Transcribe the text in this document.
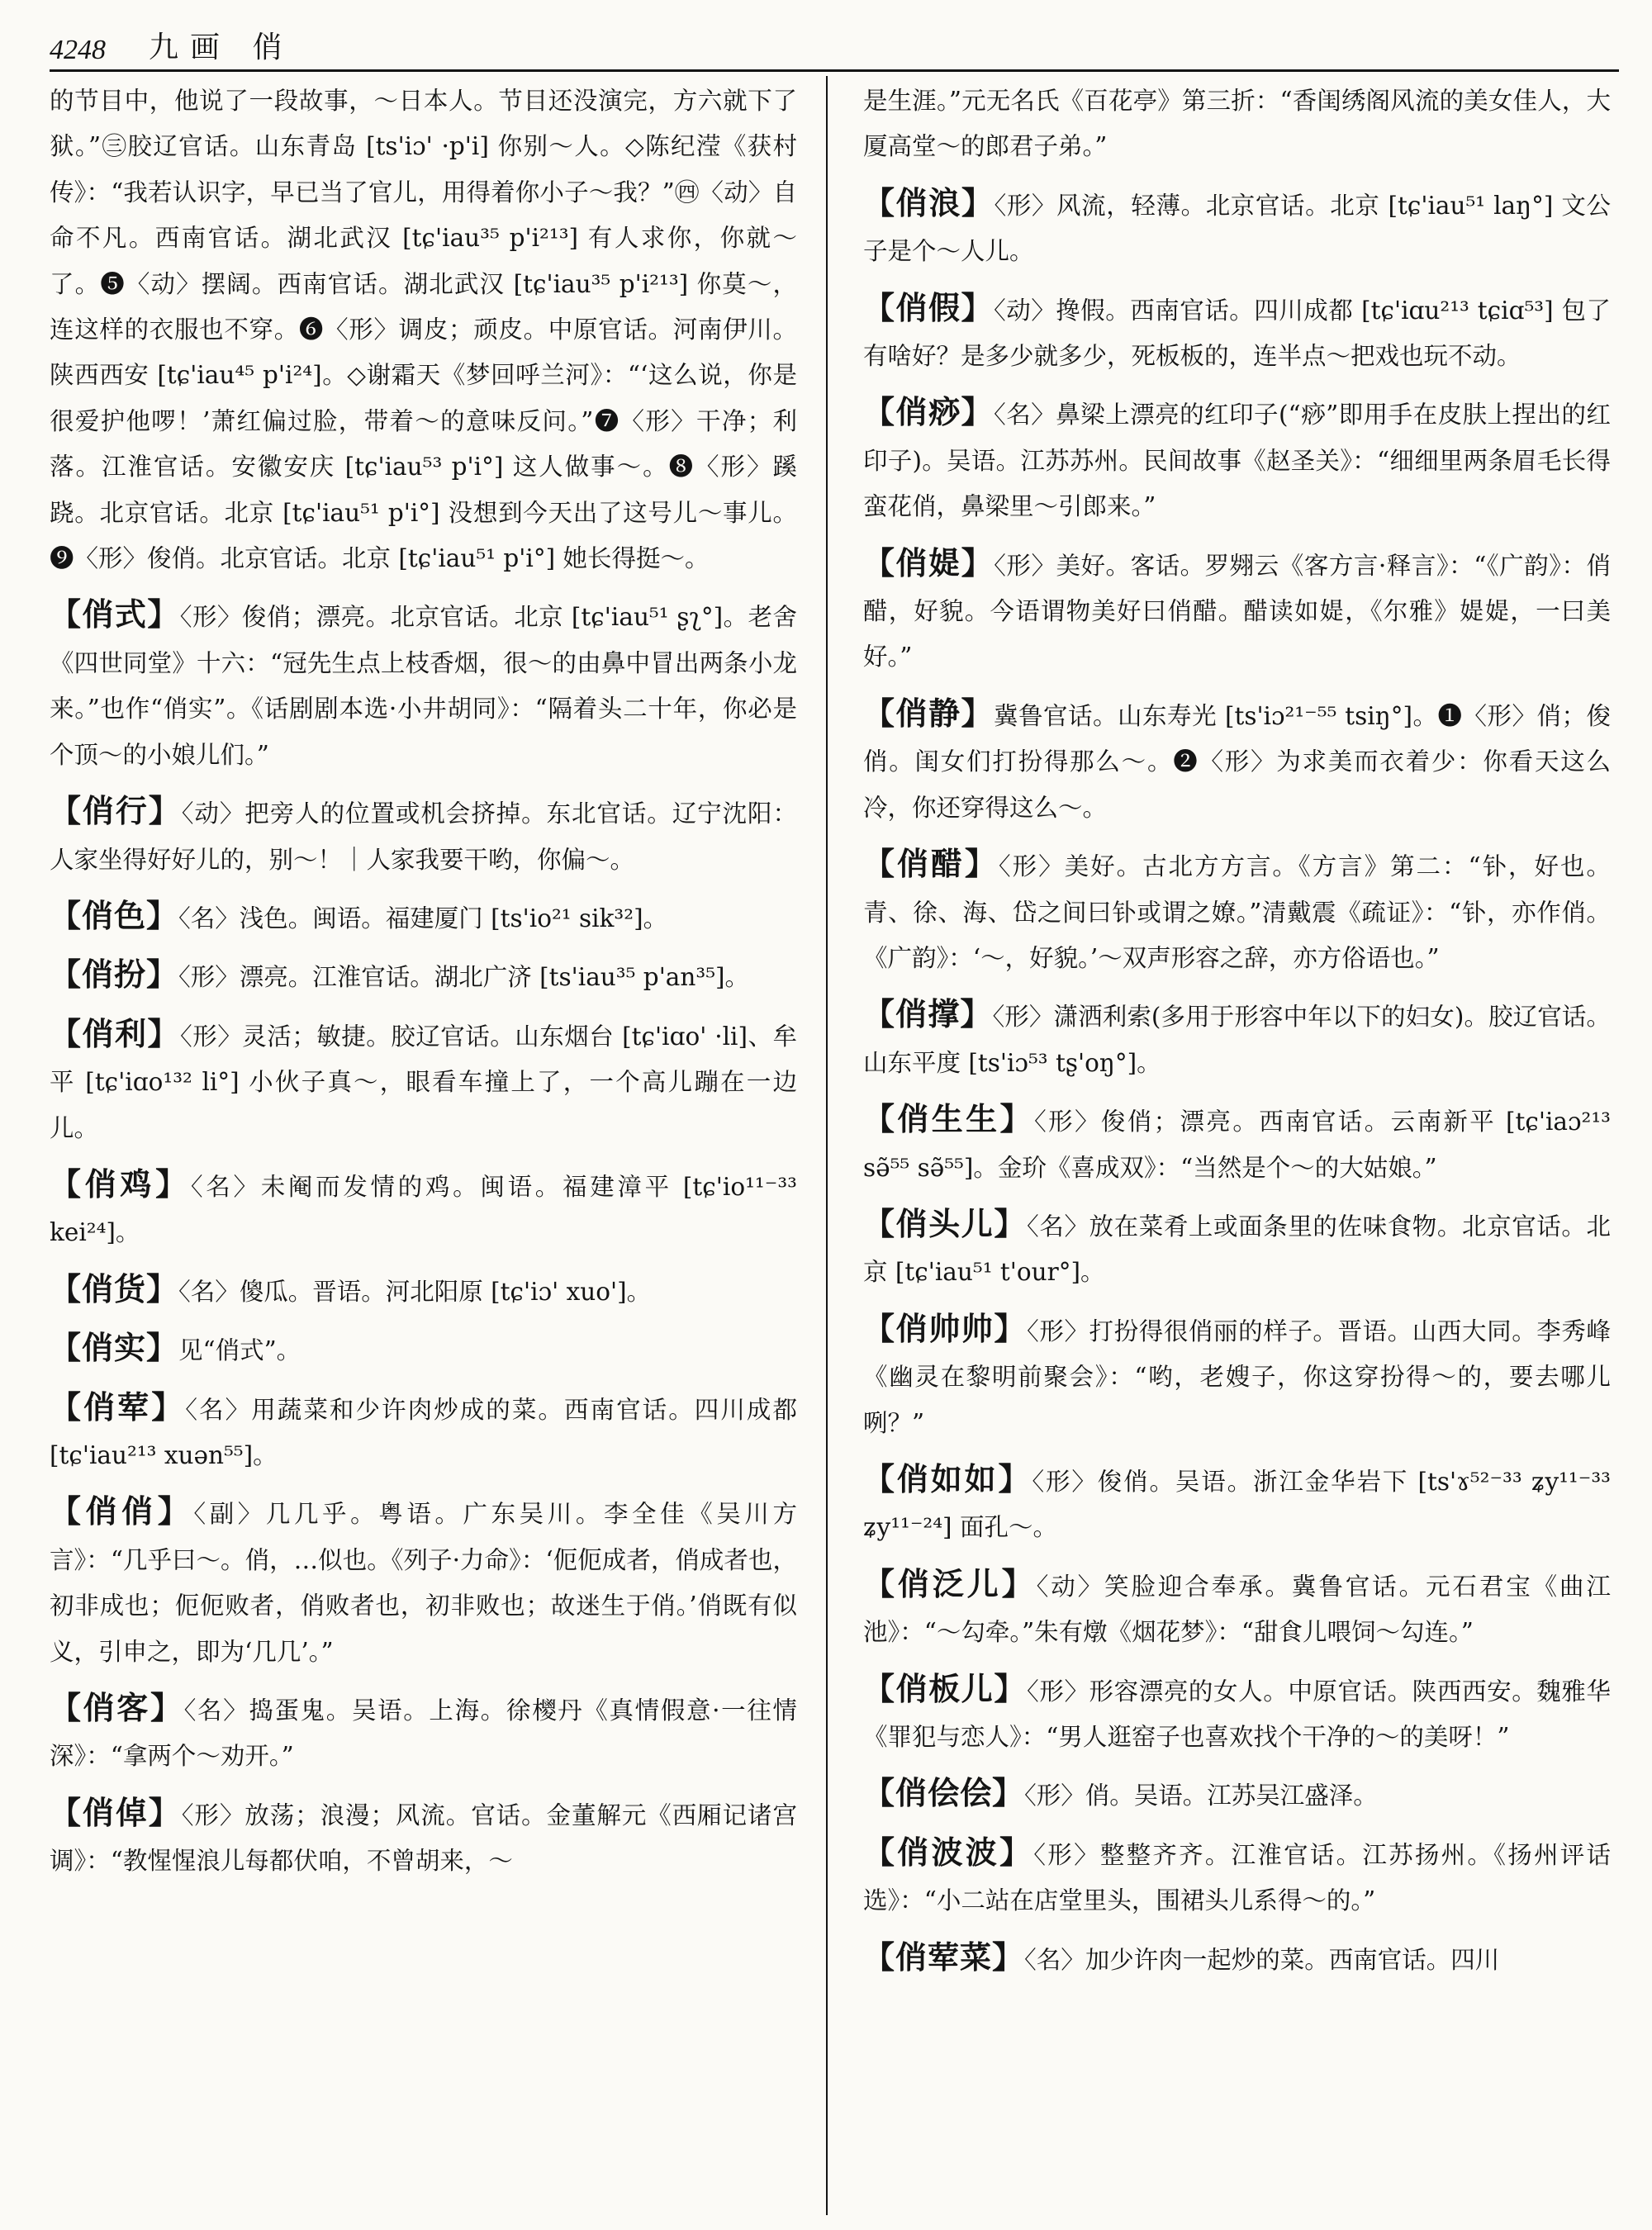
4248	九画 俏

的节目中，他说了一段故事，～日本人。节目还没演完，方六就下了狱。”㊂胶辽官话。山东青岛 [ts'iɔ' ·p'i] 你别～人。◇陈纪滢《获村传》：“我若认识字，早已当了官儿，用得着你小子～我？”㊃〈动〉自命不凡。西南官话。湖北武汉 [tɕ'iau³⁵ p'i²¹³] 有人求你，你就～了。❺〈动〉摆阔。西南官话。湖北武汉 [tɕ'iau³⁵ p'i²¹³] 你莫～，连这样的衣服也不穿。❻〈形〉调皮；顽皮。中原官话。河南伊川。陕西西安 [tɕ'iau⁴⁵ p'i²⁴]。◇谢霜天《梦回呼兰河》：“‘这么说，你是很爱护他啰！’萧红偏过脸，带着～的意味反问。”❼〈形〉干净；利落。江淮官话。安徽安庆 [tɕ'iau⁵³ p'i°] 这人做事～。❽〈形〉蹊跷。北京官话。北京 [tɕ'iau⁵¹ p'i°] 没想到今天出了这号儿～事儿。❾〈形〉俊俏。北京官话。北京 [tɕ'iau⁵¹ p'i°] 她长得挺～。

【俏式】〈形〉俊俏；漂亮。北京官话。北京 [tɕ'iau⁵¹ ʂʅ°]。老舍《四世同堂》十六：“冠先生点上枝香烟，很～的由鼻中冒出两条小龙来。”也作“俏实”。《话剧剧本选·小井胡同》：“隔着头二十年，你必是个顶～的小娘儿们。”

【俏行】〈动〉把旁人的位置或机会挤掉。东北官话。辽宁沈阳：人家坐得好好儿的，别～！｜人家我要干哟，你偏～。

【俏色】〈名〉浅色。闽语。福建厦门 [ts'io²¹ sik³²]。

【俏扮】〈形〉漂亮。江淮官话。湖北广济 [ts'iau³⁵ p'an³⁵]。

【俏利】〈形〉灵活；敏捷。胶辽官话。山东烟台 [tɕ'iɑo' ·li]、牟平 [tɕ'iɑo¹³² li°] 小伙子真～，眼看车撞上了，一个高儿蹦在一边儿。

【俏鸡】〈名〉未阉而发情的鸡。闽语。福建漳平 [tɕ'io¹¹⁻³³ kei²⁴]。

【俏货】〈名〉傻瓜。晋语。河北阳原 [tɕ'iɔ' xuo']。

【俏实】见“俏式”。

【俏荤】〈名〉用蔬菜和少许肉炒成的菜。西南官话。四川成都 [tɕ'iau²¹³ xuən⁵⁵]。

【俏俏】〈副〉几几乎。粤语。广东吴川。李全佳《吴川方言》：“几乎曰～。俏，…似也。《列子·力命》：‘伌伌成者，俏成者也，初非成也；伌伌败者，俏败者也，初非败也；故迷生于俏。’俏既有似义，引申之，即为‘几几’。”

【俏客】〈名〉捣蛋鬼。吴语。上海。徐㯶丹《真情假意·一往情深》：“拿两个～劝开。”

【俏倬】〈形〉放荡；浪漫；风流。官话。金董解元《西厢记诸宫调》：“教惺惺浪儿每都伏咱，不曾胡来，～

是生涯。”元无名氏《百花亭》第三折：“香闺绣阁风流的美女佳人，大厦高堂～的郎君子弟。”

【俏浪】〈形〉风流，轻薄。北京官话。北京 [tɕ'iau⁵¹ laŋ°] 文公子是个～人儿。

【俏假】〈动〉搀假。西南官话。四川成都 [tɕ'iɑu²¹³ tɕiɑ⁵³] 包了有啥好？是多少就多少，死板板的，连半点～把戏也玩不动。

【俏痧】〈名〉鼻梁上漂亮的红印子(“痧”即用手在皮肤上捏出的红印子)。吴语。江苏苏州。民间故事《赵圣关》：“细细里两条眉毛长得蛮花俏，鼻梁里～引郎来。”

【俏媞】〈形〉美好。客话。罗翙云《客方言·释言》：“《广韵》：俏醋，好貌。今语谓物美好曰俏醋。醋读如媞，《尔雅》媞媞，一曰美好。”

【俏静】冀鲁官话。山东寿光 [ts'iɔ²¹⁻⁵⁵ tsiŋ°]。❶〈形〉俏；俊俏。闺女们打扮得那么～。❷〈形〉为求美而衣着少：你看天这么冷，你还穿得这么～。

【俏醋】〈形〉美好。古北方方言。《方言》第二：“钋，好也。青、徐、海、岱之间曰钋或谓之嫽。”清戴震《疏证》：“钋，亦作俏。《广韵》：‘～，好貌。’～双声形容之辞，亦方俗语也。”

【俏撑】〈形〉潇洒利索(多用于形容中年以下的妇女)。胶辽官话。山东平度 [ts'iɔ⁵³ tʂ'oŋ°]。

【俏生生】〈形〉俊俏；漂亮。西南官话。云南新平 [tɕ'iaɔ²¹³ sə̃⁵⁵ sə̃⁵⁵]。金玠《喜成双》：“当然是个～的大姑娘。”

【俏头儿】〈名〉放在菜肴上或面条里的佐味食物。北京官话。北京 [tɕ'iau⁵¹ t'our°]。

【俏帅帅】〈形〉打扮得很俏丽的样子。晋语。山西大同。李秀峰《幽灵在黎明前聚会》：“哟，老嫂子，你这穿扮得～的，要去哪儿咧？”

【俏如如】〈形〉俊俏。吴语。浙江金华岩下 [ts'ɤ⁵²⁻³³ ʑy¹¹⁻³³ ʑy¹¹⁻²⁴] 面孔～。

【俏泛儿】〈动〉笑脸迎合奉承。冀鲁官话。元石君宝《曲江池》：“～勾牵。”朱有燉《烟花梦》：“甜食儿喂饲～勾连。”

【俏板儿】〈形〉形容漂亮的女人。中原官话。陕西西安。魏雅华《罪犯与恋人》：“男人逛窑子也喜欢找个干净的～的美呀！”

【俏侩侩】〈形〉俏。吴语。江苏吴江盛泽。

【俏波波】〈形〉整整齐齐。江淮官话。江苏扬州。《扬州评话选》：“小二站在店堂里头，围裙头儿系得～的。”

【俏荤菜】〈名〉加少许肉一起炒的菜。西南官话。四川
